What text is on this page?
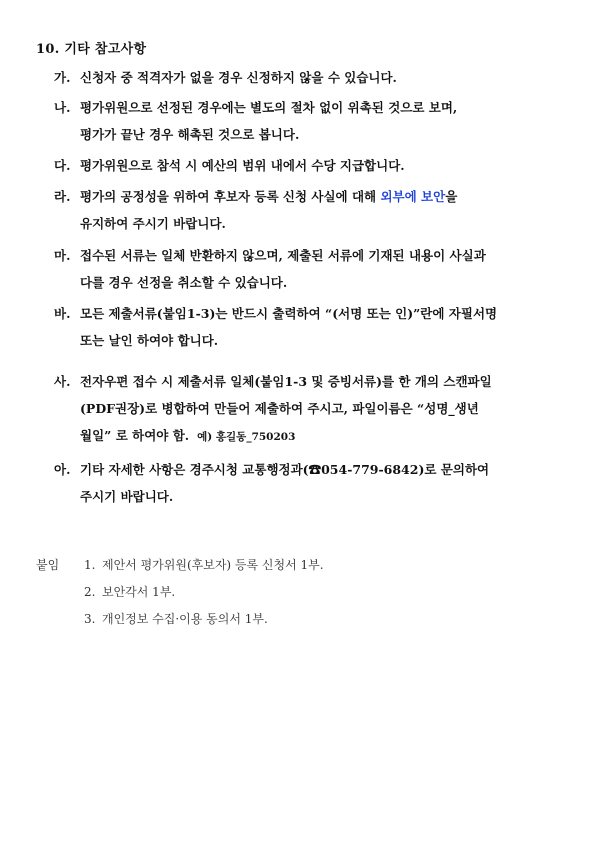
10. 기타 참고사항
가. 신청자 중 적격자가 없을 경우 신정하지 않을 수 있습니다.
나. 평가위원으로 선정된 경우에는 별도의 절차 없이 위촉된 것으로 보며,
평가가 끝난 경우 해촉된 것으로 봅니다.
다. 평가위원으로 참석 시 예산의 범위 내에서 수당 지급합니다.
라. 평가의 공정성을 위하여 후보자 등록 신청 사실에 대해 외부에 보안을
유지하여 주시기 바랍니다.
마. 접수된 서류는 일체 반환하지 않으며, 제출된 서류에 기재된 내용이 사실과
다를 경우 선정을 취소할 수 있습니다.
바. 모든 제출서류(붙임1-3)는 반드시 출력하여 “(서명 또는 인)”란에 자필서명
또는 날인 하여야 합니다.
사. 전자우편 접수 시 제출서류 일체(붙임1-3 및 증빙서류)를 한 개의 스캔파일
(PDF권장)로 병합하여 만들어 제출하여 주시고, 파일이름은 “성명_생년
월일” 로 하여야 함. 예) 홍길동_750203
아. 기타 자세한 사항은 경주시청 교통행정과(☎054-779-6842)로 문의하여
주시기 바랍니다.
붙임 1. 제안서 평가위원(후보자) 등록 신청서 1부.
2. 보안각서 1부.
3. 개인정보 수집·이용 동의서 1부.
